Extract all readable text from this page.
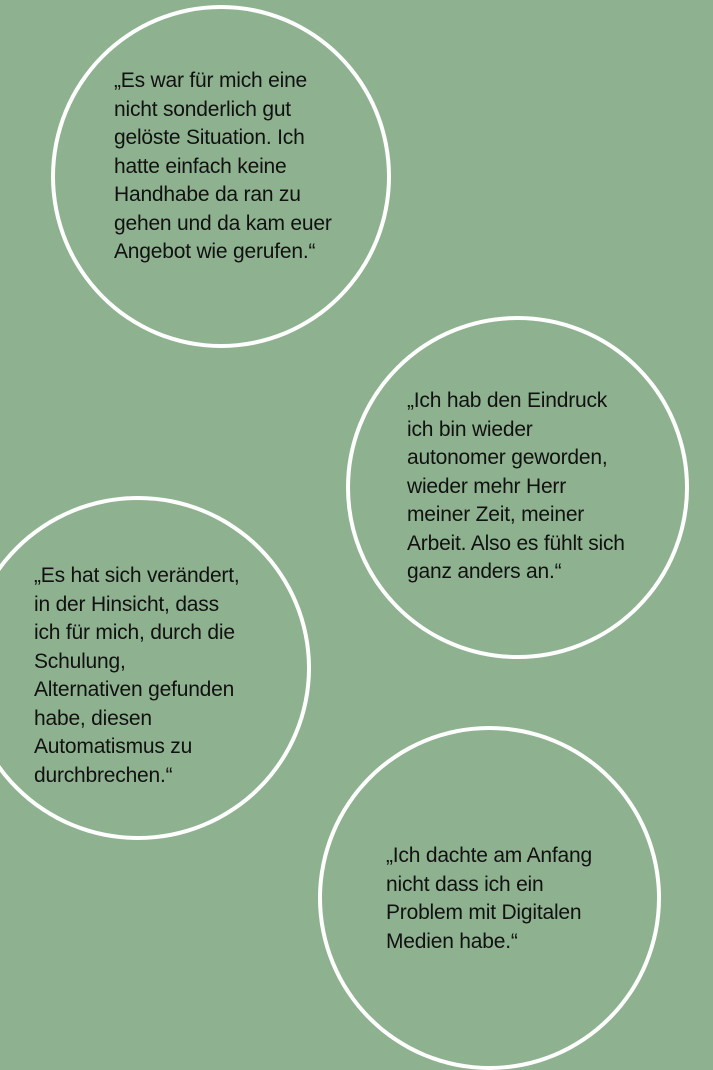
„Es war für mich eine
nicht sonderlich gut
gelöste Situation. Ich
hatte einfach keine
Handhabe da ran zu
gehen und da kam euer
Angebot wie gerufen.“

„Ich hab den Eindruck
ich bin wieder
autonomer geworden,
wieder mehr Herr
meiner Zeit, meiner
Arbeit. Also es fühlt sich
ganz anders an.“

„Es hat sich verändert,
in der Hinsicht, dass
ich für mich, durch die
Schulung,
Alternativen gefunden
habe, diesen
Automatismus zu
durchbrechen.“

„Ich dachte am Anfang
nicht dass ich ein
Problem mit Digitalen
Medien habe.“
